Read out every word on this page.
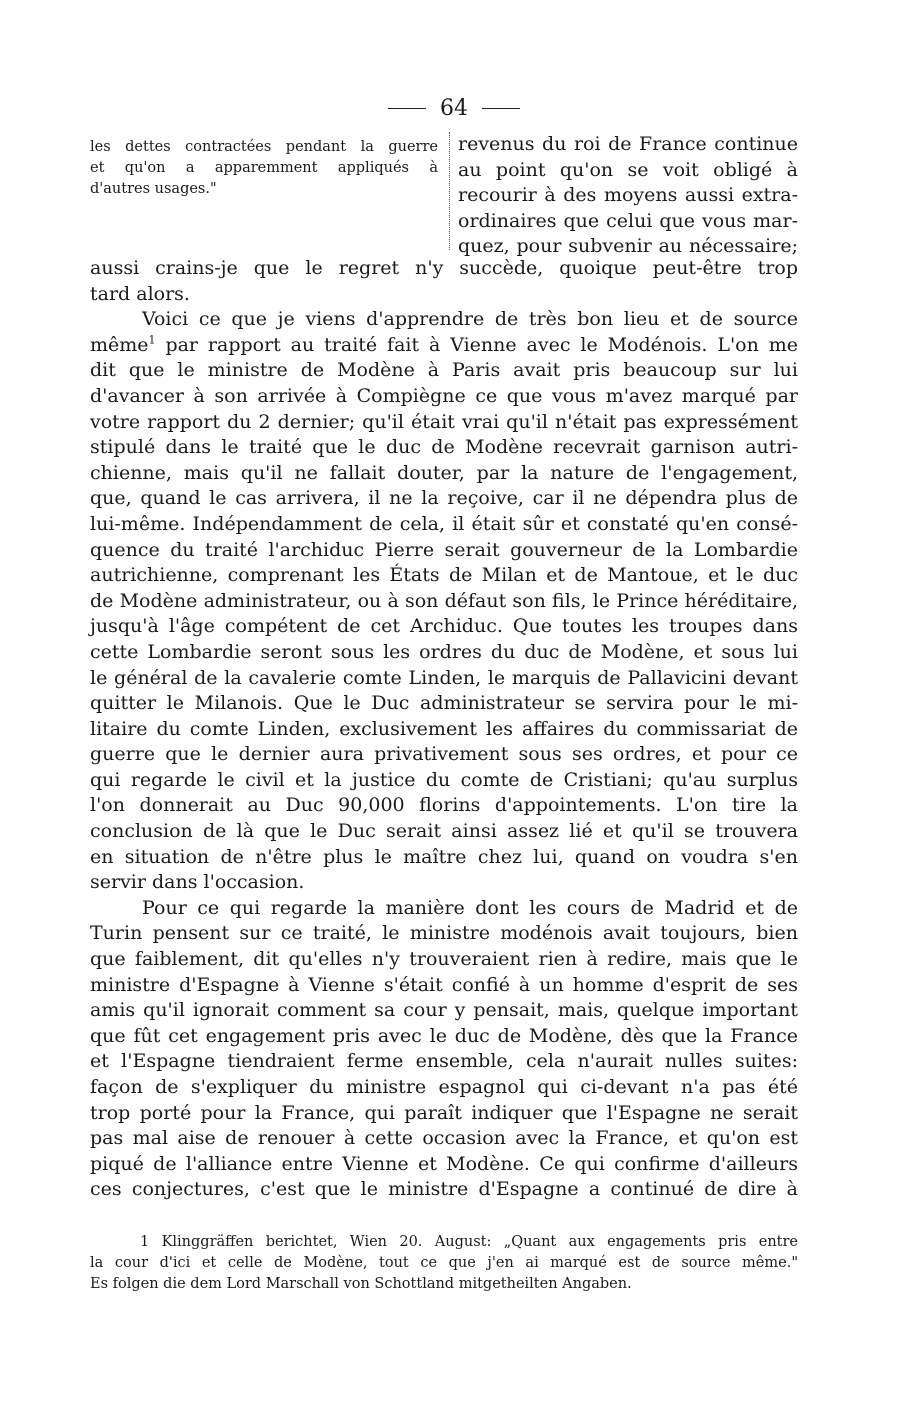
64
les dettes contractées pendant la guerre
et qu'on a apparemment appliqués à
d'autres usages."
revenus du roi de France continue
au point qu'on se voit obligé à
recourir à des moyens aussi extra-
ordinaires que celui que vous mar-
quez, pour subvenir au nécessaire;
aussi crains-je que le regret n'y succède, quoique peut-être trop
tard alors.
Voici ce que je viens d'apprendre de très bon lieu et de source
même$^1$ par rapport au traité fait à Vienne avec le Modénois. L'on me
dit que le ministre de Modène à Paris avait pris beaucoup sur lui
d'avancer à son arrivée à Compiègne ce que vous m'avez marqué par
votre rapport du 2 dernier; qu'il était vrai qu'il n'était pas expressément
stipulé dans le traité que le duc de Modène recevrait garnison autri-
chienne, mais qu'il ne fallait douter, par la nature de l'engagement,
que, quand le cas arrivera, il ne la reçoive, car il ne dépendra plus de
lui-même. Indépendamment de cela, il était sûr et constaté qu'en consé-
quence du traité l'archiduc Pierre serait gouverneur de la Lombardie
autrichienne, comprenant les États de Milan et de Mantoue, et le duc
de Modène administrateur, ou à son défaut son fils, le Prince héréditaire,
jusqu'à l'âge compétent de cet Archiduc. Que toutes les troupes dans
cette Lombardie seront sous les ordres du duc de Modène, et sous lui
le général de la cavalerie comte Linden, le marquis de Pallavicini devant
quitter le Milanois. Que le Duc administrateur se servira pour le mi-
litaire du comte Linden, exclusivement les affaires du commissariat de
guerre que le dernier aura privativement sous ses ordres, et pour ce
qui regarde le civil et la justice du comte de Cristiani; qu'au surplus
l'on donnerait au Duc 90,000 florins d'appointements. L'on tire la
conclusion de là que le Duc serait ainsi assez lié et qu'il se trouvera
en situation de n'être plus le maître chez lui, quand on voudra s'en
servir dans l'occasion.
Pour ce qui regarde la manière dont les cours de Madrid et de
Turin pensent sur ce traité, le ministre modénois avait toujours, bien
que faiblement, dit qu'elles n'y trouveraient rien à redire, mais que le
ministre d'Espagne à Vienne s'était confié à un homme d'esprit de ses
amis qu'il ignorait comment sa cour y pensait, mais, quelque important
que fût cet engagement pris avec le duc de Modène, dès que la France
et l'Espagne tiendraient ferme ensemble, cela n'aurait nulles suites:
façon de s'expliquer du ministre espagnol qui ci-devant n'a pas été
trop porté pour la France, qui paraît indiquer que l'Espagne ne serait
pas mal aise de renouer à cette occasion avec la France, et qu'on est
piqué de l'alliance entre Vienne et Modène. Ce qui confirme d'ailleurs
ces conjectures, c'est que le ministre d'Espagne a continué de dire à
1 Klinggräffen berichtet, Wien 20. August: „Quant aux engagements pris entre
la cour d'ici et celle de Modène, tout ce que j'en ai marqué est de source même."
Es folgen die dem Lord Marschall von Schottland mitgetheilten Angaben.
